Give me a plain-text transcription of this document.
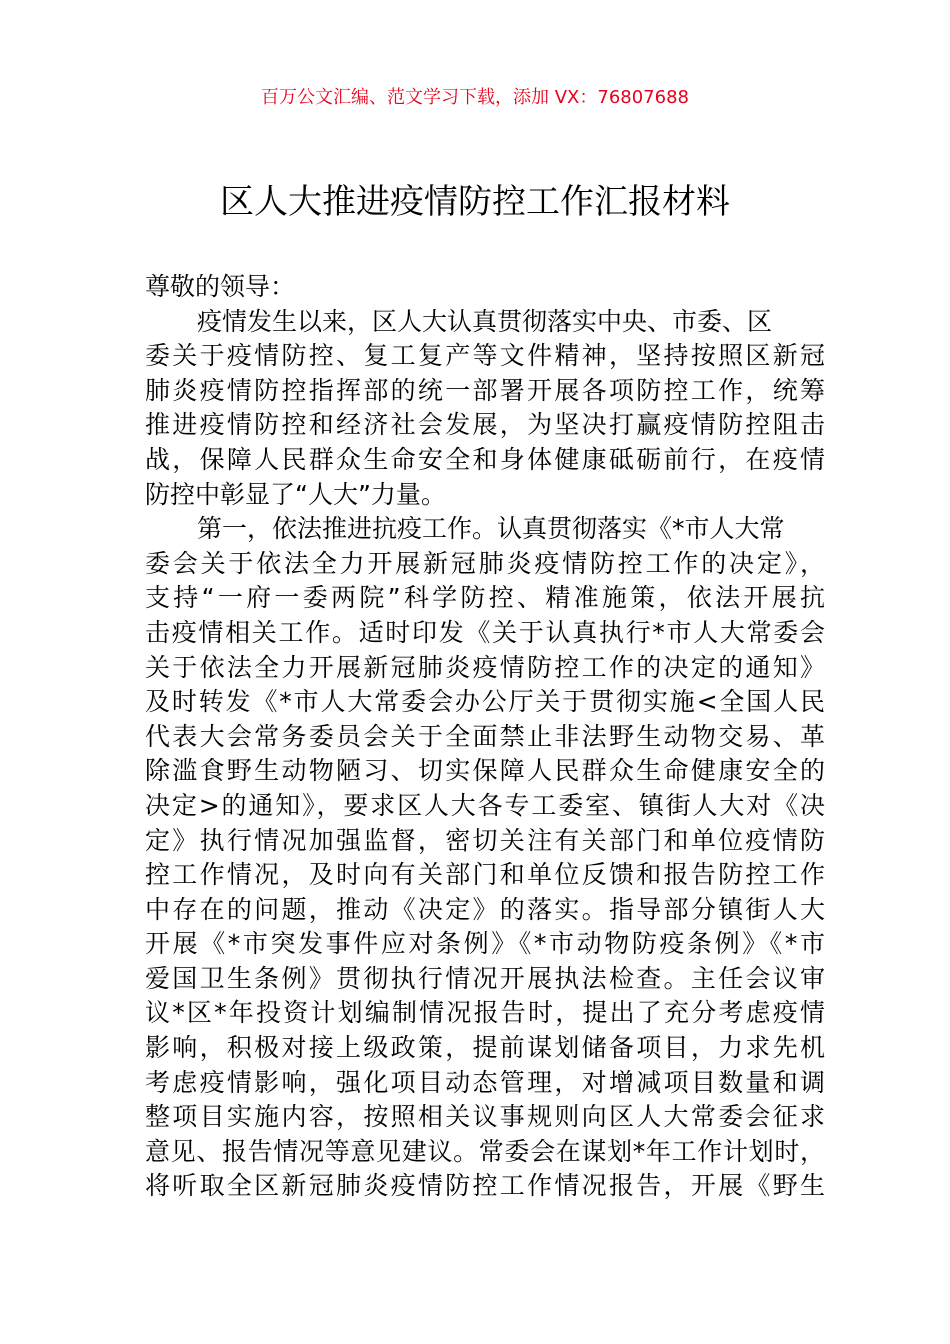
百万公文汇编、范文学习下载，添加 VX：76807688
区人大推进疫情防控工作汇报材料
尊敬的领导：
疫情发生以来，区人大认真贯彻落实中央、市委、区
委关于疫情防控、复工复产等文件精神，坚持按照区新冠
肺炎疫情防控指挥部的统一部署开展各项防控工作，统筹
推进疫情防控和经济社会发展，为坚决打赢疫情防控阻击
战，保障人民群众生命安全和身体健康砥砺前行，在疫情
防控中彰显了“人大”力量。
第一，依法推进抗疫工作。认真贯彻落实《*市人大常
委会关于依法全力开展新冠肺炎疫情防控工作的决定》，
支持“一府一委两院”科学防控、精准施策，依法开展抗
击疫情相关工作。适时印发《关于认真执行*市人大常委会
关于依法全力开展新冠肺炎疫情防控工作的决定的通知》
及时转发《*市人大常委会办公厅关于贯彻实施<全国人民
代表大会常务委员会关于全面禁止非法野生动物交易、革
除滥食野生动物陋习、切实保障人民群众生命健康安全的
决定>的通知》，要求区人大各专工委室、镇街人大对《决
定》执行情况加强监督，密切关注有关部门和单位疫情防
控工作情况，及时向有关部门和单位反馈和报告防控工作
中存在的问题，推动《决定》的落实。指导部分镇街人大
开展《*市突发事件应对条例》《*市动物防疫条例》《*市
爱国卫生条例》贯彻执行情况开展执法检查。主任会议审
议*区*年投资计划编制情况报告时，提出了充分考虑疫情
影响，积极对接上级政策，提前谋划储备项目，力求先机
考虑疫情影响，强化项目动态管理，对增减项目数量和调
整项目实施内容，按照相关议事规则向区人大常委会征求
意见、报告情况等意见建议。常委会在谋划*年工作计划时，
将听取全区新冠肺炎疫情防控工作情况报告，开展《野生
